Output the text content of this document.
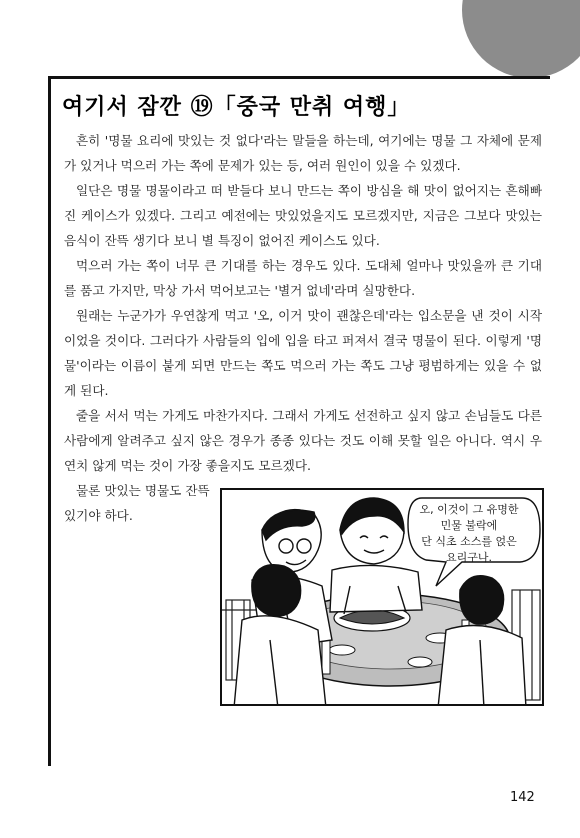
여기서 잠깐 ⑲「중국 만취 여행」

흔히 '명물 요리에 맛있는 것 없다'라는 말들을 하는데, 여기에는 명물 그 자체에 문제가 있거나 먹으러 가는 쪽에 문제가 있는 등, 여러 원인이 있을 수 있겠다.

일단은 명물 명물이라고 떠 받들다 보니 만드는 쪽이 방심을 해 맛이 없어지는 흔해빠진 케이스가 있겠다. 그리고 예전에는 맛있었을지도 모르겠지만, 지금은 그보다 맛있는 음식이 잔뜩 생기다 보니 별 특징이 없어진 케이스도 있다.

먹으러 가는 쪽이 너무 큰 기대를 하는 경우도 있다. 도대체 얼마나 맛있을까 큰 기대를 품고 가지만, 막상 가서 먹어보고는 '별거 없네'라며 실망한다.

원래는 누군가가 우연찮게 먹고 '오, 이거 맛이 괜찮은데'라는 입소문을 낸 것이 시작이었을 것이다. 그러다가 사람들의 입에 입을 타고 퍼져서 결국 명물이 된다. 이렇게 '명물'이라는 이름이 붙게 되면 만드는 쪽도 먹으러 가는 쪽도 그냥 평범하게는 있을 수 없게 된다.

줄을 서서 먹는 가게도 마찬가지다. 그래서 가게도 선전하고 싶지 않고 손님들도 다른 사람에게 알려주고 싶지 않은 경우가 종종 있다는 것도 이해 못할 일은 아니다. 역시 우연치 않게 먹는 것이 가장 좋을지도 모르겠다.

물론 맛있는 명물도 잔뜩 있기야 하다.	오, 이것이 그 유명한
민물 불락에
단 식초 소스를 얹은
요리구나.
142
